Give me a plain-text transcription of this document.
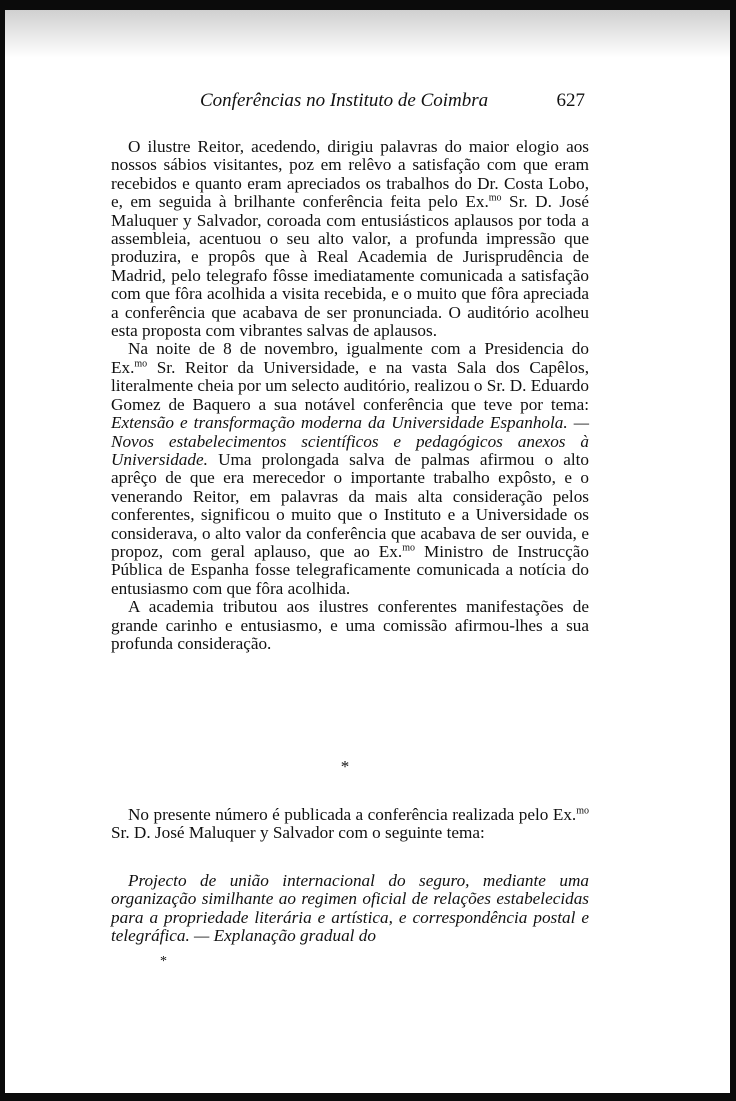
Conferências no Instituto de Coimbra	627

O ilustre Reitor, acedendo, dirigiu palavras do maior elogio aos nossos sábios visitantes, poz em relêvo a satisfação com que eram recebidos e quanto eram apreciados os trabalhos do Dr. Costa Lobo, e, em seguida à brilhante conferência feita pelo Ex.$^{mo}$ Sr. D. José Maluquer y Salvador, coroada com entusiásticos aplausos por toda a assembleia, acentuou o seu alto valor, a profunda impressão que produzira, e propôs que à Real Academia de Jurisprudência de Madrid, pelo telegrafo fôsse imediatamente comunicada a satisfação com que fôra acolhida a visita recebida, e o muito que fôra apreciada a conferência que acabava de ser pronunciada. O auditório acolheu esta proposta com vibrantes salvas de aplausos.

Na noite de 8 de novembro, igualmente com a Presidencia do Ex.$^{mo}$ Sr. Reitor da Universidade, e na vasta Sala dos Capêlos, literalmente cheia por um selecto auditório, realizou o Sr. D. Eduardo Gomez de Baquero a sua notável conferência que teve por tema: Extensão e transformação moderna da Universidade Espanhola. — Novos estabelecimentos scientíficos e pedagógicos anexos à Universidade. Uma prolongada salva de palmas afirmou o alto aprêço de que era merecedor o importante trabalho expôsto, e o venerando Reitor, em palavras da mais alta consideração pelos conferentes, significou o muito que o Instituto e a Universidade os considerava, o alto valor da conferência que acabava de ser ouvida, e propoz, com geral aplauso, que ao Ex.$^{mo}$ Ministro de Instrucção Pública de Espanha fosse telegraficamente comunicada a notícia do entusiasmo com que fôra acolhida.

A academia tributou aos ilustres conferentes manifestações de grande carinho e entusiasmo, e uma comissão afirmou-lhes a sua profunda consideração.

*

No presente número é publicada a conferência realizada pelo Ex.$^{mo}$ Sr. D. José Maluquer y Salvador com o seguinte tema:

Projecto de união internacional do seguro, mediante uma organização similhante ao regimen oficial de relações estabelecidas para a propriedade literária e artística, e correspondência postal e telegráfica. — Explanação gradual do

*
